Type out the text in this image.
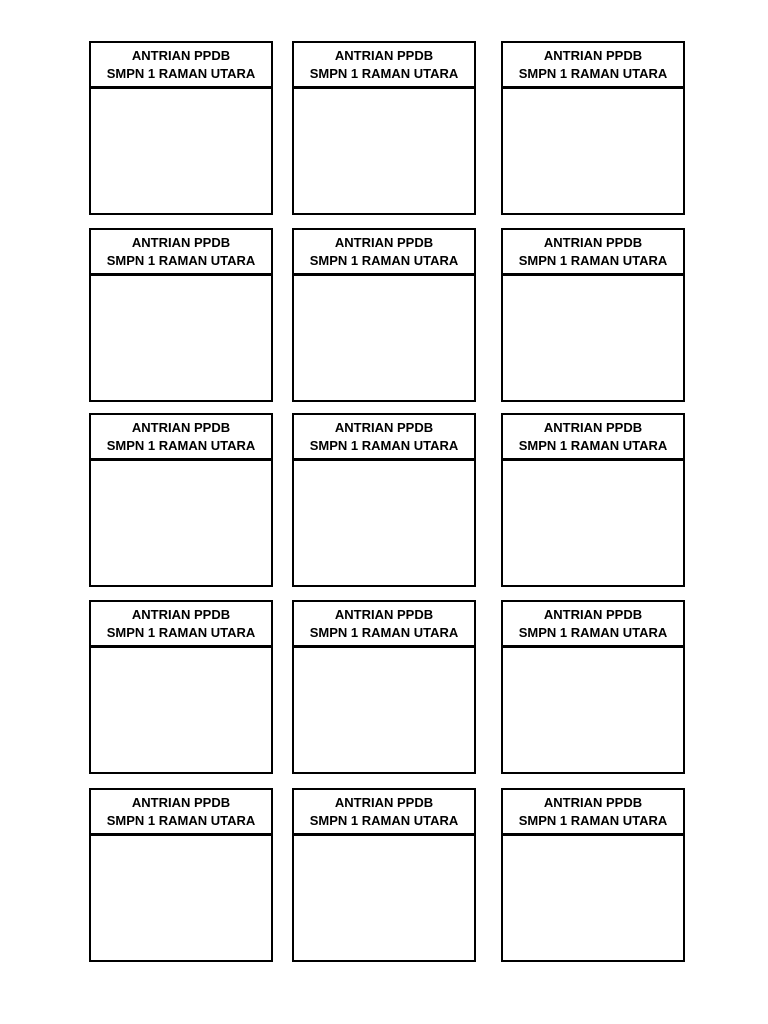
ANTRIAN PPDB
SMPN 1 RAMAN UTARA
ANTRIAN PPDB
SMPN 1 RAMAN UTARA
ANTRIAN PPDB
SMPN 1 RAMAN UTARA
ANTRIAN PPDB
SMPN 1 RAMAN UTARA
ANTRIAN PPDB
SMPN 1 RAMAN UTARA
ANTRIAN PPDB
SMPN 1 RAMAN UTARA
ANTRIAN PPDB
SMPN 1 RAMAN UTARA
ANTRIAN PPDB
SMPN 1 RAMAN UTARA
ANTRIAN PPDB
SMPN 1 RAMAN UTARA
ANTRIAN PPDB
SMPN 1 RAMAN UTARA
ANTRIAN PPDB
SMPN 1 RAMAN UTARA
ANTRIAN PPDB
SMPN 1 RAMAN UTARA
ANTRIAN PPDB
SMPN 1 RAMAN UTARA
ANTRIAN PPDB
SMPN 1 RAMAN UTARA
ANTRIAN PPDB
SMPN 1 RAMAN UTARA
